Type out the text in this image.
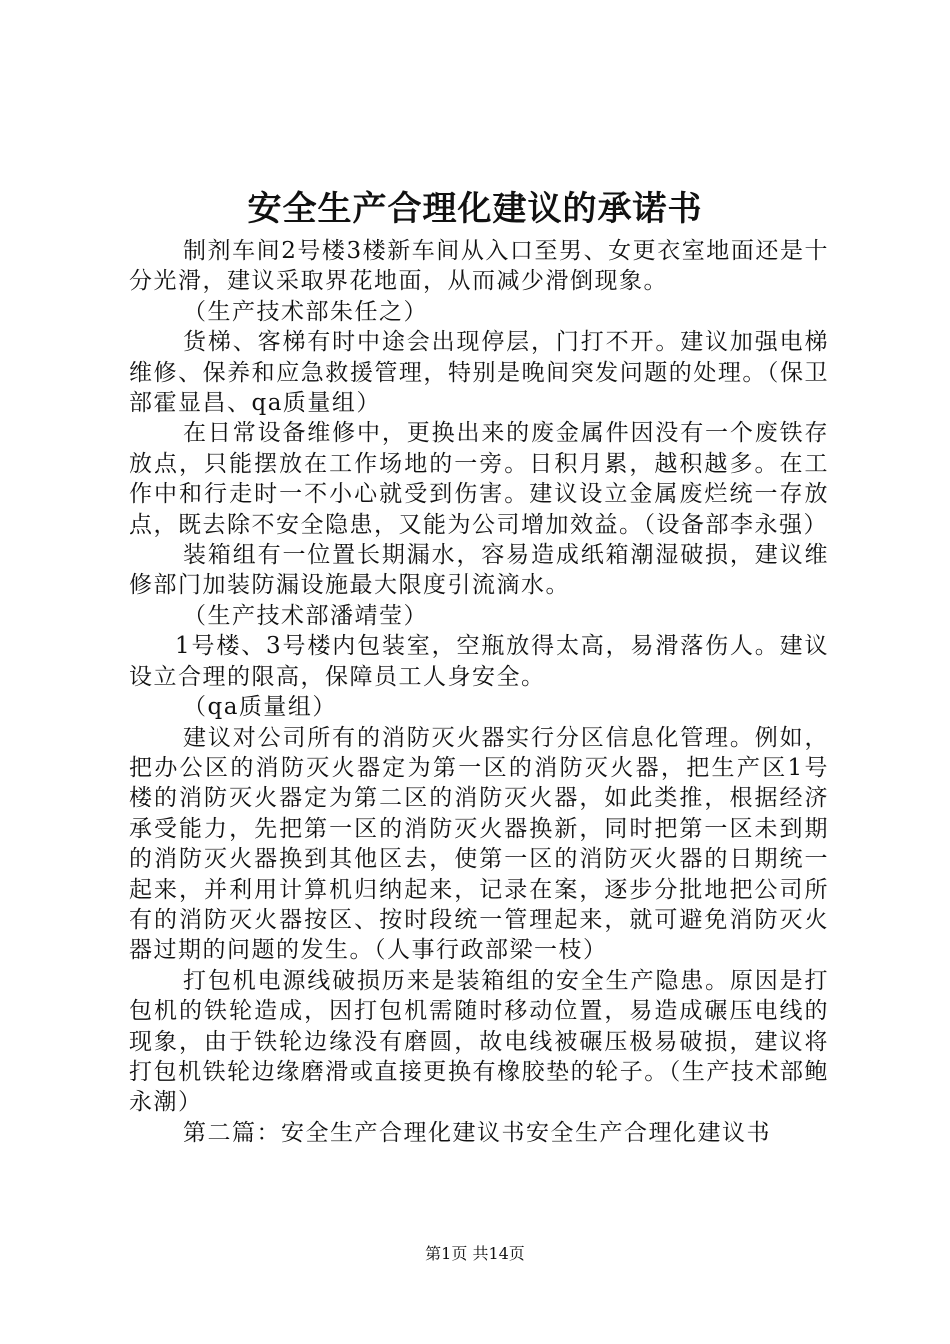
安全生产合理化建议的承诺书

制剂车间2号楼3楼新车间从入口至男、女更衣室地面还是十分光滑，建议采取界花地面，从而减少滑倒现象。

（生产技术部朱任之）

货梯、客梯有时中途会出现停层，门打不开。建议加强电梯维修、保养和应急救援管理，特别是晚间突发问题的处理。（保卫部霍显昌、qa质量组）

在日常设备维修中，更换出来的废金属件因没有一个废铁存放点，只能摆放在工作场地的一旁。日积月累，越积越多。在工作中和行走时一不小心就受到伤害。建议设立金属废烂统一存放点，既去除不安全隐患，又能为公司增加效益。（设备部李永强）

装箱组有一位置长期漏水，容易造成纸箱潮湿破损，建议维修部门加装防漏设施最大限度引流滴水。

（生产技术部潘靖莹）

1号楼、3号楼内包装室，空瓶放得太高，易滑落伤人。建议设立合理的限高，保障员工人身安全。

（qa质量组）

建议对公司所有的消防灭火器实行分区信息化管理。例如，把办公区的消防灭火器定为第一区的消防灭火器，把生产区1号楼的消防灭火器定为第二区的消防灭火器，如此类推，根据经济承受能力，先把第一区的消防灭火器换新，同时把第一区未到期的消防灭火器换到其他区去，使第一区的消防灭火器的日期统一起来，并利用计算机归纳起来，记录在案，逐步分批地把公司所有的消防灭火器按区、按时段统一管理起来，就可避免消防灭火器过期的问题的发生。（人事行政部梁一枝）

打包机电源线破损历来是装箱组的安全生产隐患。原因是打包机的铁轮造成，因打包机需随时移动位置，易造成碾压电线的现象，由于铁轮边缘没有磨圆，故电线被碾压极易破损，建议将打包机铁轮边缘磨滑或直接更换有橡胶垫的轮子。（生产技术部鲍永潮）

第二篇：安全生产合理化建议书安全生产合理化建议书

第1页 共14页
